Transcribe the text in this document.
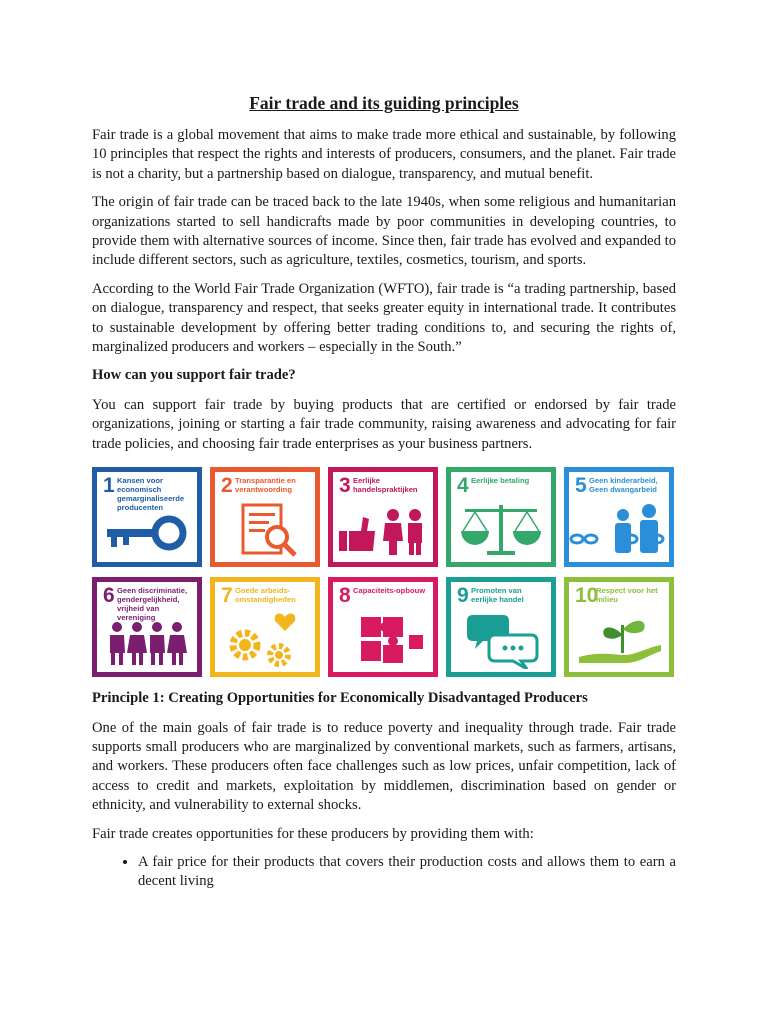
Fair trade and its guiding principles

Fair trade is a global movement that aims to make trade more ethical and sustainable, by following 10 principles that respect the rights and interests of producers, consumers, and the planet. Fair trade is not a charity, but a partnership based on dialogue, transparency, and mutual benefit.

The origin of fair trade can be traced back to the late 1940s, when some religious and humanitarian organizations started to sell handicrafts made by poor communities in developing countries, to provide them with alternative sources of income. Since then, fair trade has evolved and expanded to include different sectors, such as agriculture, textiles, cosmetics, tourism, and sports.

According to the World Fair Trade Organization (WFTO), fair trade is “a trading partnership, based on dialogue, transparency and respect, that seeks greater equity in international trade. It contributes to sustainable development by offering better trading conditions to, and securing the rights of, marginalized producers and workers – especially in the South.”

How can you support fair trade?

You can support fair trade by buying products that are certified or endorsed by fair trade organizations, joining or starting a fair trade community, raising awareness and advocating for fair trade policies, and choosing fair trade enterprises as your business partners.

1 Kansen voor economisch gemarginaliseerde producenten
2 Transparantie en verantwoording	3 Eerlijke handelspraktijken	4 Eerlijke betaling	5 Geen kinderarbeid, Geen dwangarbeid
6 Geen discriminatie, gendergelijkheid, vrijheid van vereniging
7 Goede arbeids-omstandigheden	8 Capaciteits-opbouw 9 Promoten van eerlijke handel	10
Respect voor het milieu

Principle 1: Creating Opportunities for Economically Disadvantaged Producers

One of the main goals of fair trade is to reduce poverty and inequality through trade. Fair trade supports small producers who are marginalized by conventional markets, such as farmers, artisans, and workers. These producers often face challenges such as low prices, unfair competition, lack of access to credit and markets, exploitation by middlemen, discrimination based on gender or ethnicity, and vulnerability to external shocks.

Fair trade creates opportunities for these producers by providing them with:

• A fair price for their products that covers their production costs and allows them to earn a decent living
